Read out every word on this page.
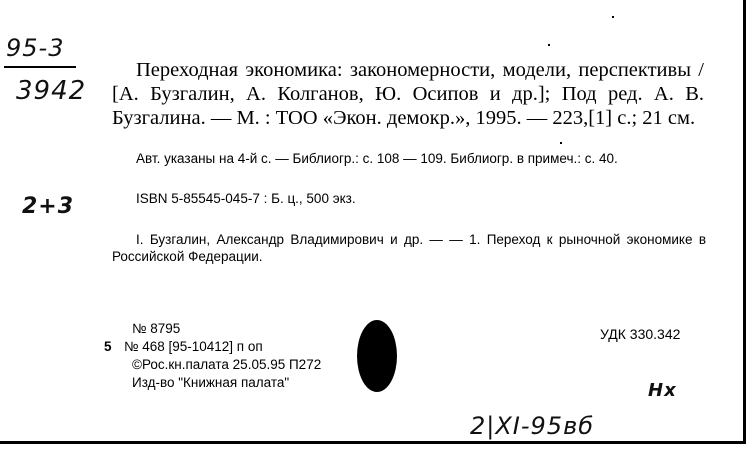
95-3
3942
2+3

Переходная экономика: закономерности, модели, перспективы / [А. Бузгалин, А. Колганов, Ю. Осипов и др.]; Под ред. А. В. Бузгалина. — М. : ТОО «Экон. демокр.», 1995. — 223,[1] с.; 21 см.

Авт. указаны на 4-й с. — Библиогр.: с. 108 — 109. Библиогр. в примеч.: с. 40.

ISBN 5-85545-045-7 : Б. ц., 500 экз.

I. Бузгалин, Александр Владимирович и др. — — 1. Переход к рыночной экономике в Российской Федерации.

№ 8795
5 № 468 [95-10412] п оп
©Рос.кн.палата 25.05.95 П272
Изд-во "Книжная палата"
УДК 330.342
Нх
2|XI-95вб
